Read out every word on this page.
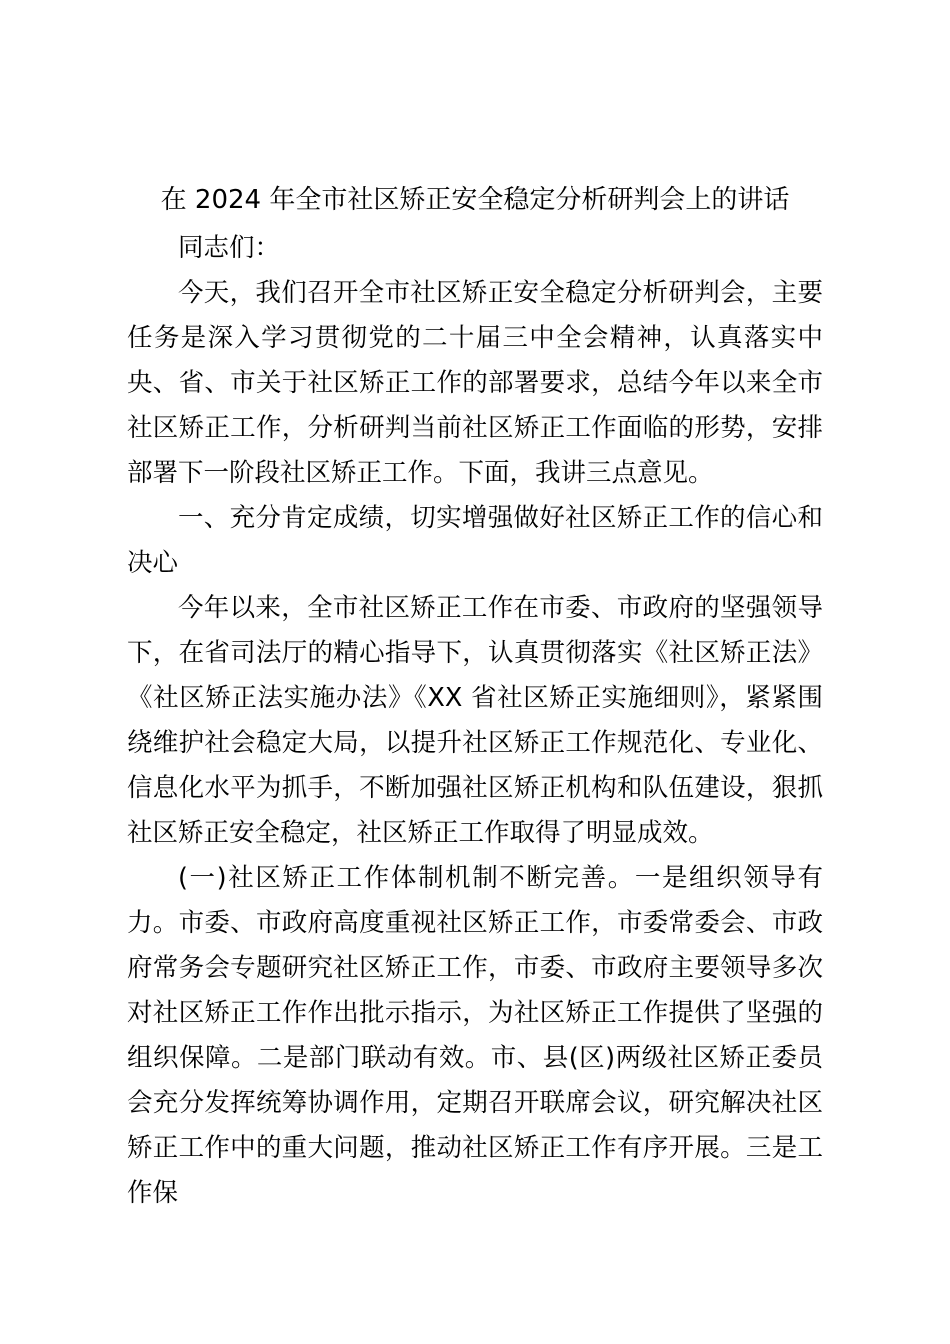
在 2024 年全市社区矫正安全稳定分析研判会上的讲话

同志们：

今天，我们召开全市社区矫正安全稳定分析研判会，主要任务是深入学习贯彻党的二十届三中全会精神，认真落实中央、省、市关于社区矫正工作的部署要求，总结今年以来全市社区矫正工作，分析研判当前社区矫正工作面临的形势，安排部署下一阶段社区矫正工作。下面，我讲三点意见。

一、充分肯定成绩，切实增强做好社区矫正工作的信心和决心

今年以来，全市社区矫正工作在市委、市政府的坚强领导下，在省司法厅的精心指导下，认真贯彻落实《社区矫正法》《社区矫正法实施办法》《XX 省社区矫正实施细则》，紧紧围绕维护社会稳定大局，以提升社区矫正工作规范化、专业化、信息化水平为抓手，不断加强社区矫正机构和队伍建设，狠抓社区矫正安全稳定，社区矫正工作取得了明显成效。

(一)社区矫正工作体制机制不断完善。一是组织领导有力。市委、市政府高度重视社区矫正工作，市委常委会、市政府常务会专题研究社区矫正工作，市委、市政府主要领导多次对社区矫正工作作出批示指示，为社区矫正工作提供了坚强的组织保障。二是部门联动有效。市、县(区)两级社区矫正委员会充分发挥统筹协调作用，定期召开联席会议，研究解决社区矫正工作中的重大问题，推动社区矫正工作有序开展。三是工作保
